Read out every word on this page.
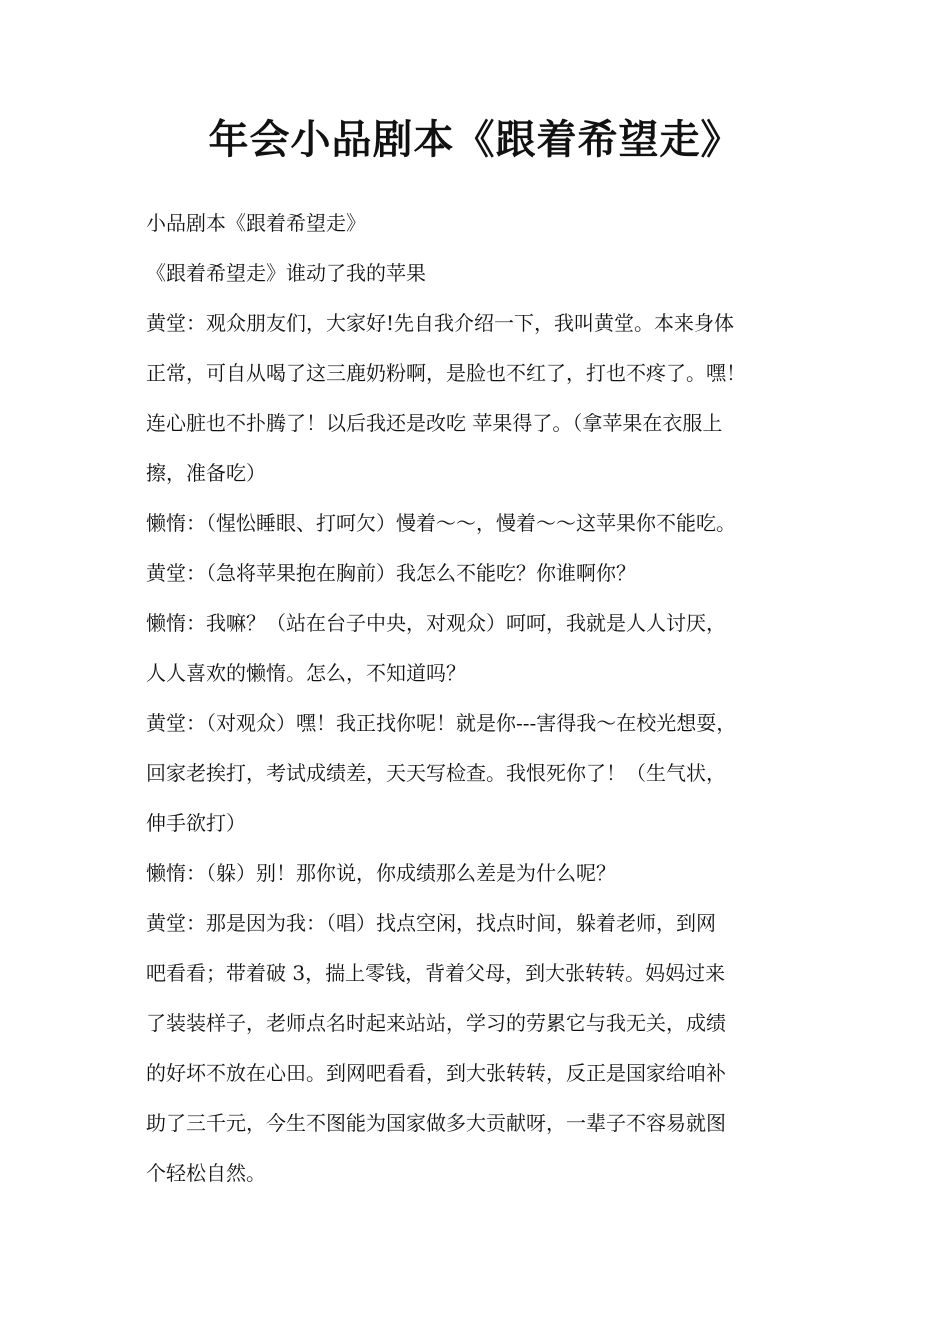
年会小品剧本《跟着希望走》

小品剧本《跟着希望走》

《跟着希望走》谁动了我的苹果

黄堂：观众朋友们，大家好!先自我介绍一下，我叫黄堂。本来身体

正常，可自从喝了这三鹿奶粉啊，是脸也不红了，打也不疼了。嘿！

连心脏也不扑腾了！以后我还是改吃 苹果得了。（拿苹果在衣服上

擦，准备吃）

懒惰：（惺忪睡眼、打呵欠）慢着～～，慢着～～这苹果你不能吃。

黄堂：（急将苹果抱在胸前）我怎么不能吃？你谁啊你？

懒惰：我嘛？（站在台子中央，对观众）呵呵，我就是人人讨厌，

人人喜欢的懒惰。怎么，不知道吗？

黄堂：（对观众）嘿！我正找你呢！就是你---害得我～在校光想耍，

回家老挨打，考试成绩差，天天写检查。我恨死你了！（生气状，

伸手欲打）

懒惰：（躲）别！那你说，你成绩那么差是为什么呢？

黄堂：那是因为我：（唱）找点空闲，找点时间，躲着老师，到网

吧看看；带着破 3，揣上零钱，背着父母，到大张转转。妈妈过来

了装装样子，老师点名时起来站站，学习的劳累它与我无关，成绩

的好坏不放在心田。到网吧看看，到大张转转，反正是国家给咱补

助了三千元，今生不图能为国家做多大贡献呀，一辈子不容易就图

个轻松自然。
